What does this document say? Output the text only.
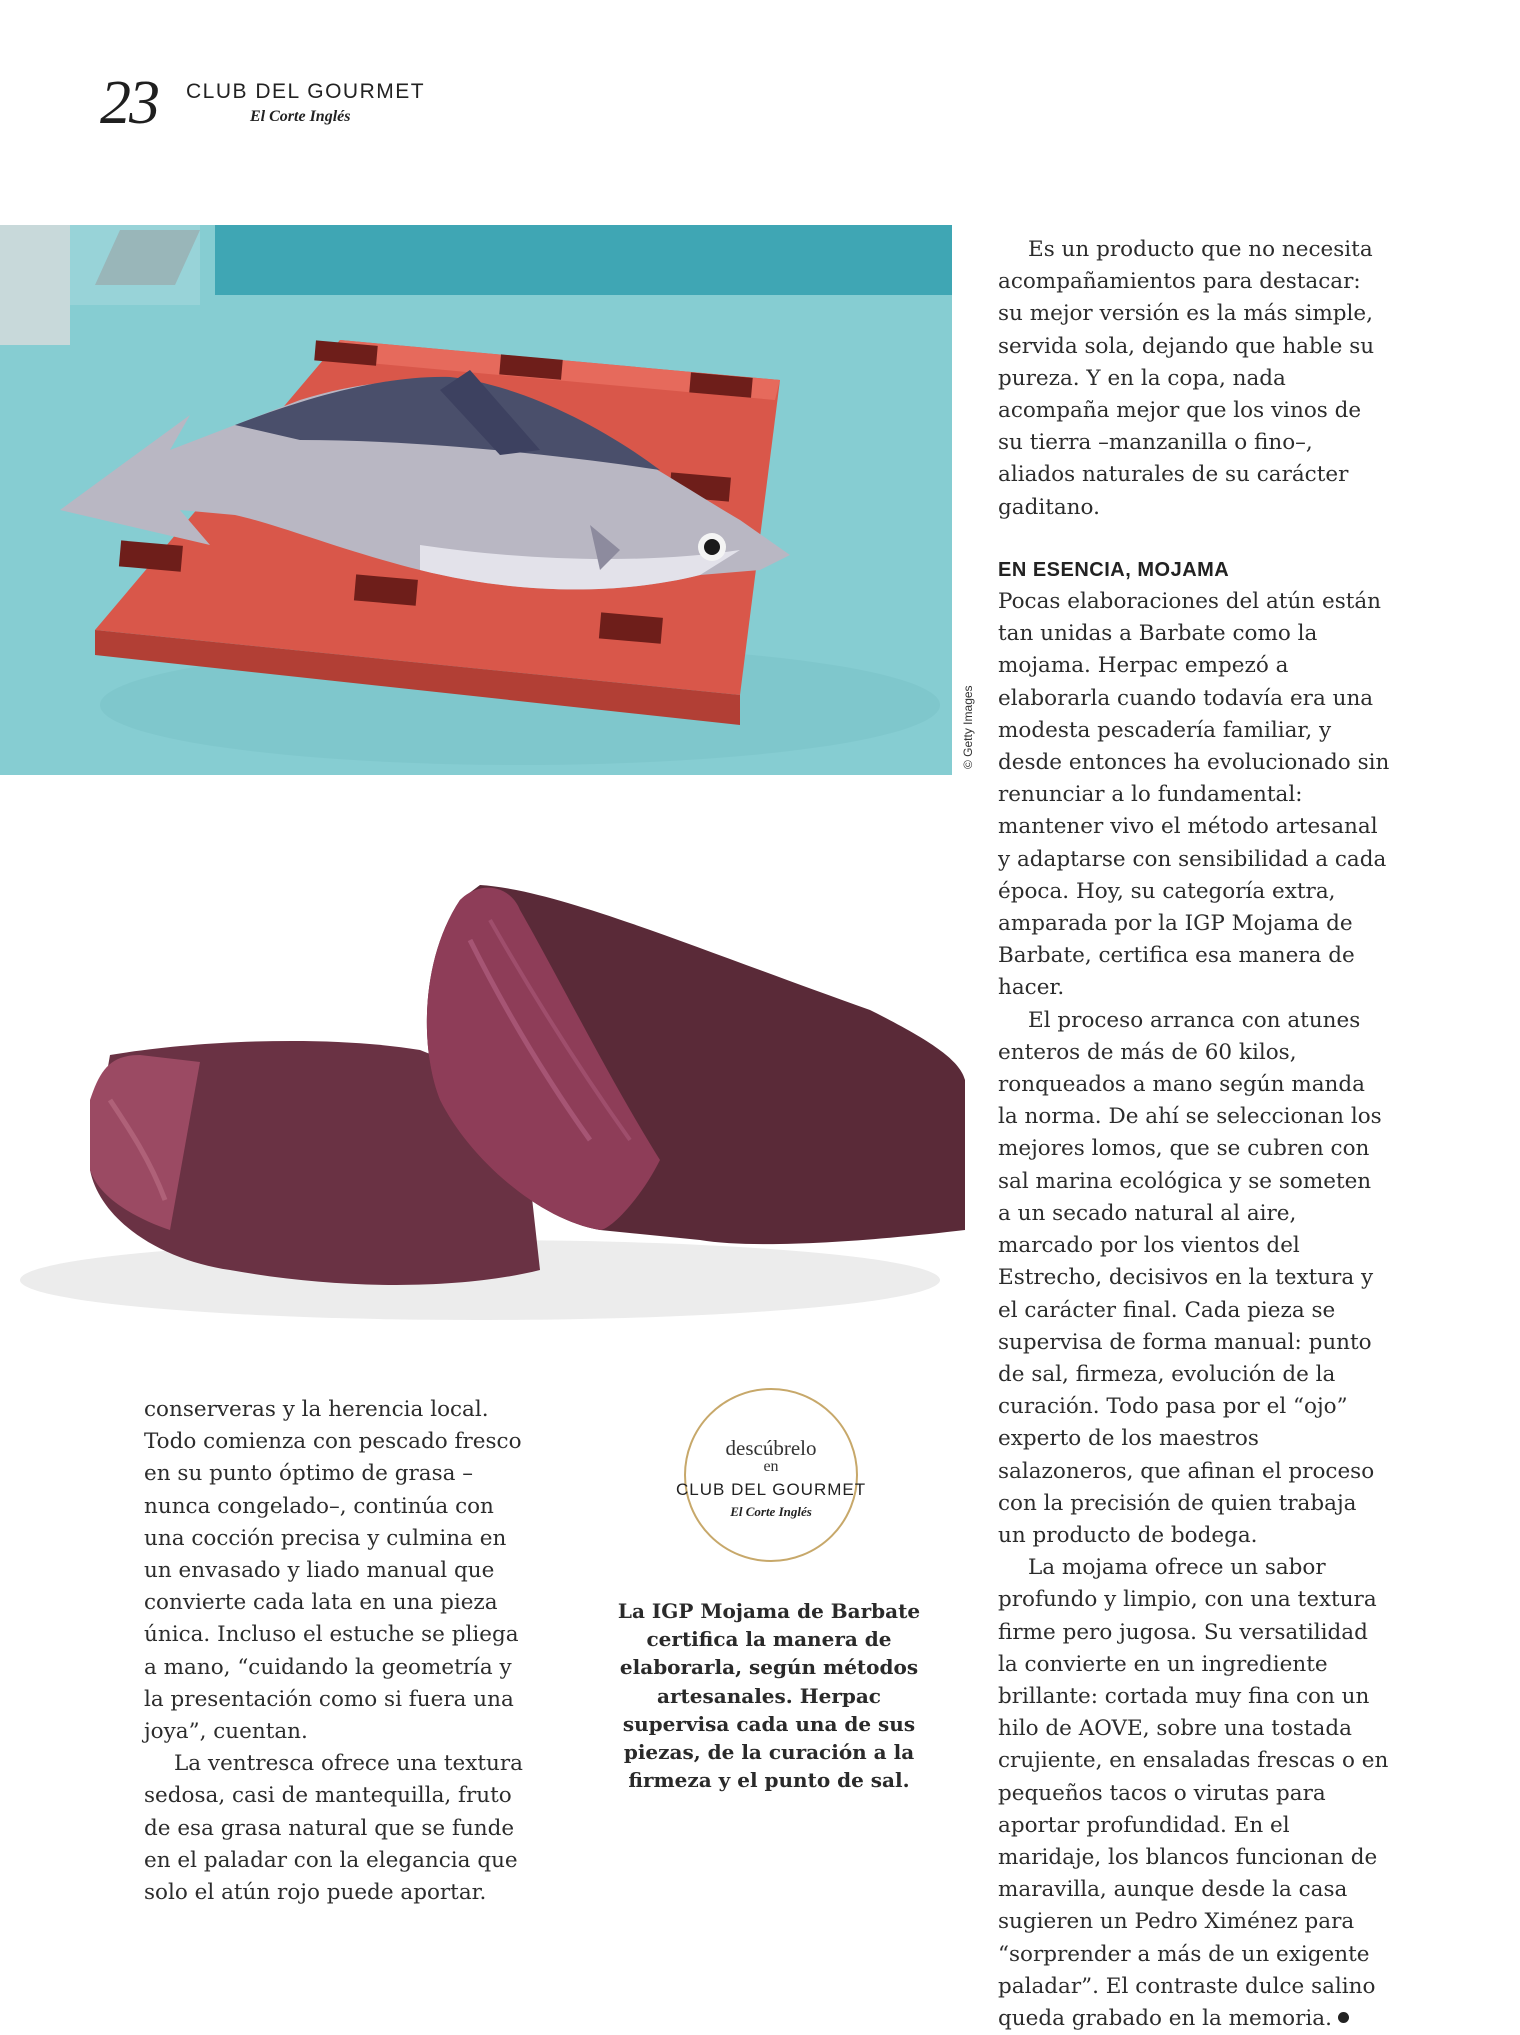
23 CLUB DEL GOURMET
El Corte Inglés
© Getty Images

Es un producto que no necesita acompañamientos para destacar: su mejor versión es la más simple, servida sola, dejando que hable su pureza. Y en la copa, nada acompaña mejor que los vinos de su tierra –manzanilla o fino–, aliados naturales de su carácter gaditano.

EN ESENCIA, MOJAMA

Pocas elaboraciones del atún están tan unidas a Barbate como la mojama. Herpac empezó a elaborarla cuando todavía era una modesta pescadería familiar, y desde entonces ha evolucionado sin renunciar a lo fundamental: mantener vivo el método artesanal y adaptarse con sensibilidad a cada época. Hoy, su categoría extra, amparada por la IGP Mojama de Barbate, certifica esa manera de hacer.

El proceso arranca con atunes enteros de más de 60 kilos, ronqueados a mano según manda la norma. De ahí se seleccionan los mejores lomos, que se cubren con sal marina ecológica y se someten a un secado natural al aire, marcado por los vientos del Estrecho, decisivos en la textura y el carácter final. Cada pieza se supervisa de forma manual: punto de sal, firmeza, evolución de la curación. Todo pasa por el “ojo” experto de los maestros salazoneros, que afinan el proceso con la precisión de quien trabaja un producto de bodega.

La mojama ofrece un sabor profundo y limpio, con una textura firme pero jugosa. Su versatilidad la convierte en un ingrediente brillante: cortada muy fina con un hilo de AOVE, sobre una tostada crujiente, en ensaladas frescas o en pequeños tacos o virutas para aportar profundidad. En el maridaje, los blancos funcionan de maravilla, aunque desde la casa sugieren un Pedro Ximénez para “sorprender a más de un exigente paladar”. El contraste dulce salino queda grabado en la memoria.

conserveras y la herencia local. Todo comienza con pescado fresco en su punto óptimo de grasa –nunca congelado–, continúa con una cocción precisa y culmina en un envasado y liado manual que convierte cada lata en una pieza única. Incluso el estuche se pliega a mano, “cuidando la geometría y la presentación como si fuera una joya”, cuentan.

La ventresca ofrece una textura sedosa, casi de mantequilla, fruto de esa grasa natural que se funde en el paladar con la elegancia que solo el atún rojo puede aportar.

descúbrelo
en
CLUB DEL GOURMET
El Corte Inglés
La IGP Mojama de Barbate certifica la manera de elaborarla, según métodos artesanales. Herpac supervisa cada una de sus piezas, de la curación a la firmeza y el punto de sal.
